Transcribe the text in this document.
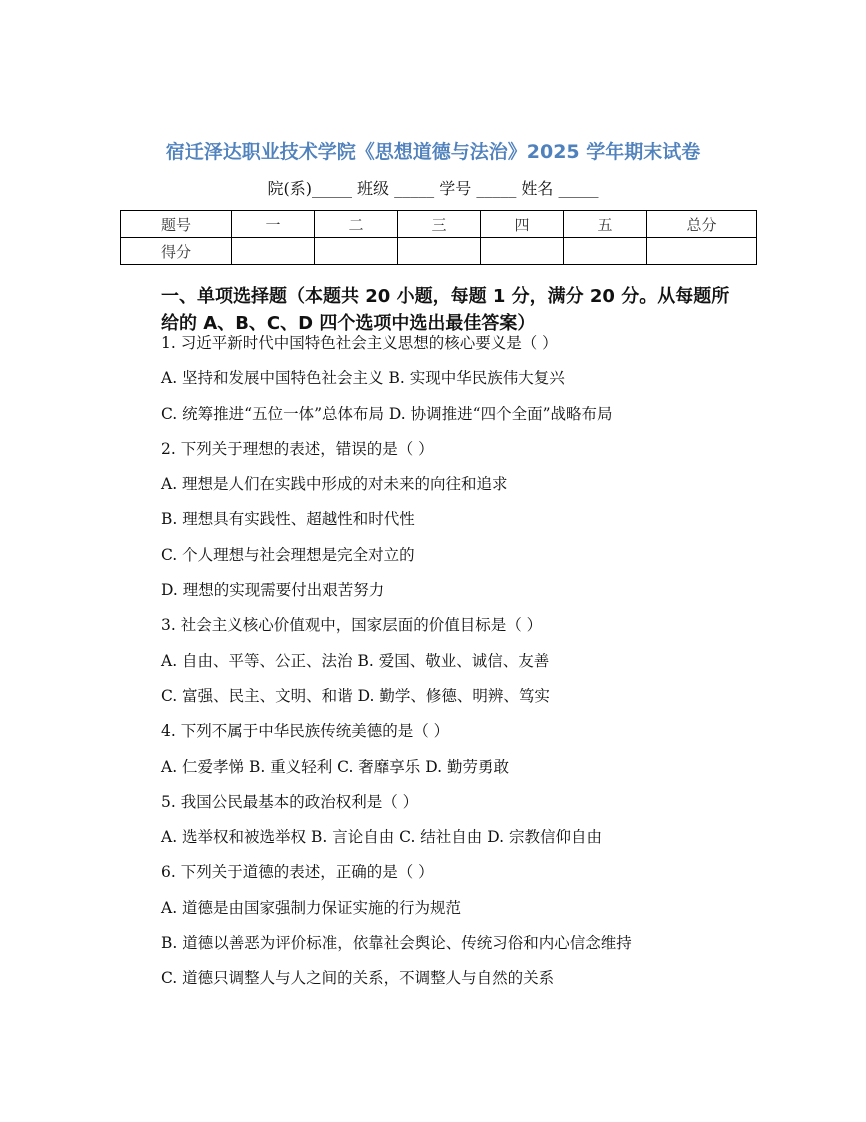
宿迁泽达职业技术学院《思想道德与法治》2025 学年期末试卷
院(系)_____ 班级 _____ 学号 _____ 姓名 _____
题号	一	二	三	四	五	总分
得分						
一、单项选择题（本题共 20 小题，每题 1 分，满分 20 分。从每题所给的 A、B、C、D 四个选项中选出最佳答案）
1. 习近平新时代中国特色社会主义思想的核心要义是（ ）
A. 坚持和发展中国特色社会主义 B. 实现中华民族伟大复兴
C. 统筹推进“五位一体”总体布局 D. 协调推进“四个全面”战略布局
2. 下列关于理想的表述，错误的是（ ）
A. 理想是人们在实践中形成的对未来的向往和追求
B. 理想具有实践性、超越性和时代性
C. 个人理想与社会理想是完全对立的
D. 理想的实现需要付出艰苦努力
3. 社会主义核心价值观中，国家层面的价值目标是（ ）
A. 自由、平等、公正、法治 B. 爱国、敬业、诚信、友善
C. 富强、民主、文明、和谐 D. 勤学、修德、明辨、笃实
4. 下列不属于中华民族传统美德的是（ ）
A. 仁爱孝悌 B. 重义轻利 C. 奢靡享乐 D. 勤劳勇敢
5. 我国公民最基本的政治权利是（ ）
A. 选举权和被选举权 B. 言论自由 C. 结社自由 D. 宗教信仰自由
6. 下列关于道德的表述，正确的是（ ）
A. 道德是由国家强制力保证实施的行为规范
B. 道德以善恶为评价标准，依靠社会舆论、传统习俗和内心信念维持
C. 道德只调整人与人之间的关系，不调整人与自然的关系
